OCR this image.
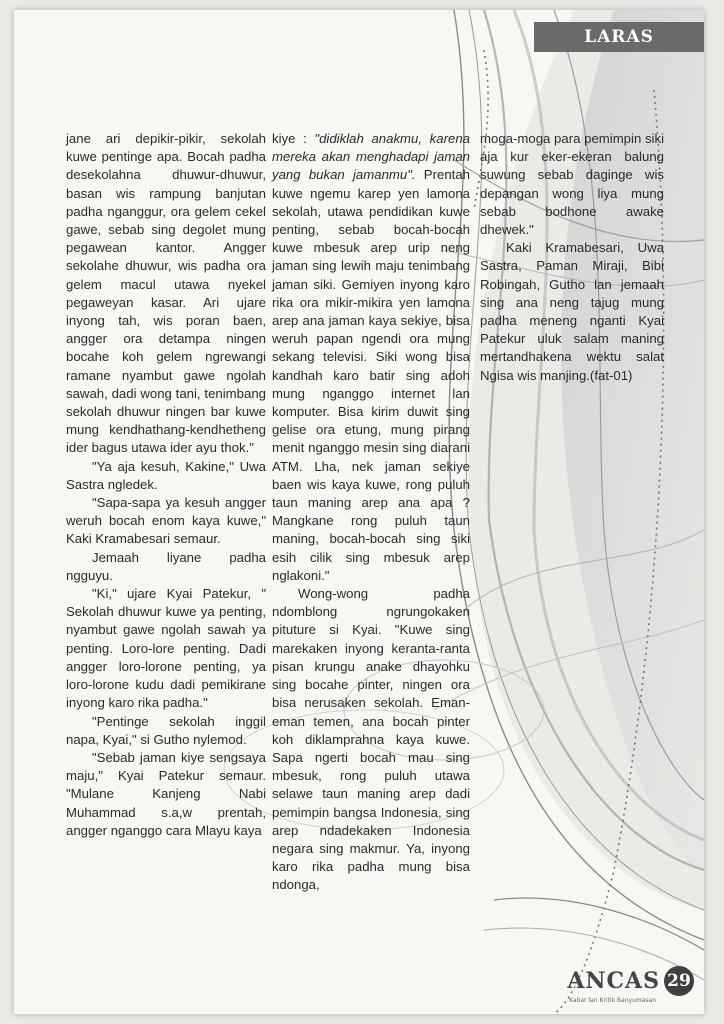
LARAS

jane ari depikir-pikir, sekolah kuwe pentinge apa. Bocah padha desekolahna dhuwur-dhuwur, basan wis rampung banjutan padha nganggur, ora gelem cekel gawe, sebab sing degolet mung pegawean kantor. Angger sekolahe dhuwur, wis padha ora gelem macul utawa nyekel pegaweyan kasar. Ari ujare inyong tah, wis poran baen, angger ora detampa ningen bocahe koh gelem ngrewangi ramane nyambut gawe ngolah sawah, dadi wong tani, tenimbang sekolah dhuwur ningen bar kuwe mung kendhathang-kendhetheng ider bagus utawa ider ayu thok."

"Ya aja kesuh, Kakine," Uwa Sastra ngledek.

"Sapa-sapa ya kesuh angger weruh bocah enom kaya kuwe," Kaki Kramabesari semaur.

Jemaah liyane padha ngguyu.

"Ki," ujare Kyai Patekur, " Sekolah dhuwur kuwe ya penting, nyambut gawe ngolah sawah ya penting. Loro-lore penting. Dadi angger loro-lorone penting, ya loro-lorone kudu dadi pemikirane inyong karo rika padha."

"Pentinge sekolah inggil napa, Kyai," si Gutho nylemod.

"Sebab jaman kiye sengsaya maju," Kyai Patekur semaur. "Mulane Kanjeng Nabi Muhammad s.a,w prentah, angger nganggo cara Mlayu kaya

kiye : "didiklah anakmu, karena mereka akan menghadapi jaman yang bukan jamanmu". Prentah kuwe ngemu karep yen lamona sekolah, utawa pendidikan kuwe penting, sebab bocah-bocah kuwe mbesuk arep urip neng jaman sing lewih maju tenimbang jaman siki. Gemiyen inyong karo rika ora mikir-mikira yen lamona arep ana jaman kaya sekiye, bisa weruh papan ngendi ora mung sekang televisi. Siki wong bisa kandhah karo batir sing adoh mung nganggo internet lan komputer. Bisa kirim duwit sing gelise ora etung, mung pirang menit nganggo mesin sing diarani ATM. Lha, nek jaman sekiye baen wis kaya kuwe, rong puluh taun maning arep ana apa ? Mangkane rong puluh taun maning, bocah-bocah sing siki esih cilik sing mbesuk arep nglakoni."

Wong-wong padha ndomblong ngrungokaken pituture si Kyai. "Kuwe sing marekaken inyong keranta-ranta pisan krungu anake dhayohku sing bocahe pinter, ningen ora bisa nerusaken sekolah. Eman-eman temen, ana bocah pinter koh diklamprahna kaya kuwe. Sapa ngerti bocah mau sing mbesuk, rong puluh utawa selawe taun maning arep dadi pemimpin bangsa Indonesia, sing arep ndadekaken Indonesia negara sing makmur. Ya, inyong karo rika padha mung bisa ndonga,

moga-moga para pemimpin siki aja kur eker-ekeran balung suwung sebab daginge wis depangan wong liya mung sebab bodhone awake dhewek."

Kaki Kramabesari, Uwa Sastra, Paman Miraji, Bibi Robingah, Gutho lan jemaah sing ana neng tajug mung padha meneng nganti Kyai Patekur uluk salam maning mertandhakena wektu salat Ngisa wis manjing.(fat-01)

ANCAS 29
Kabar lan Kritik Banyumasan
